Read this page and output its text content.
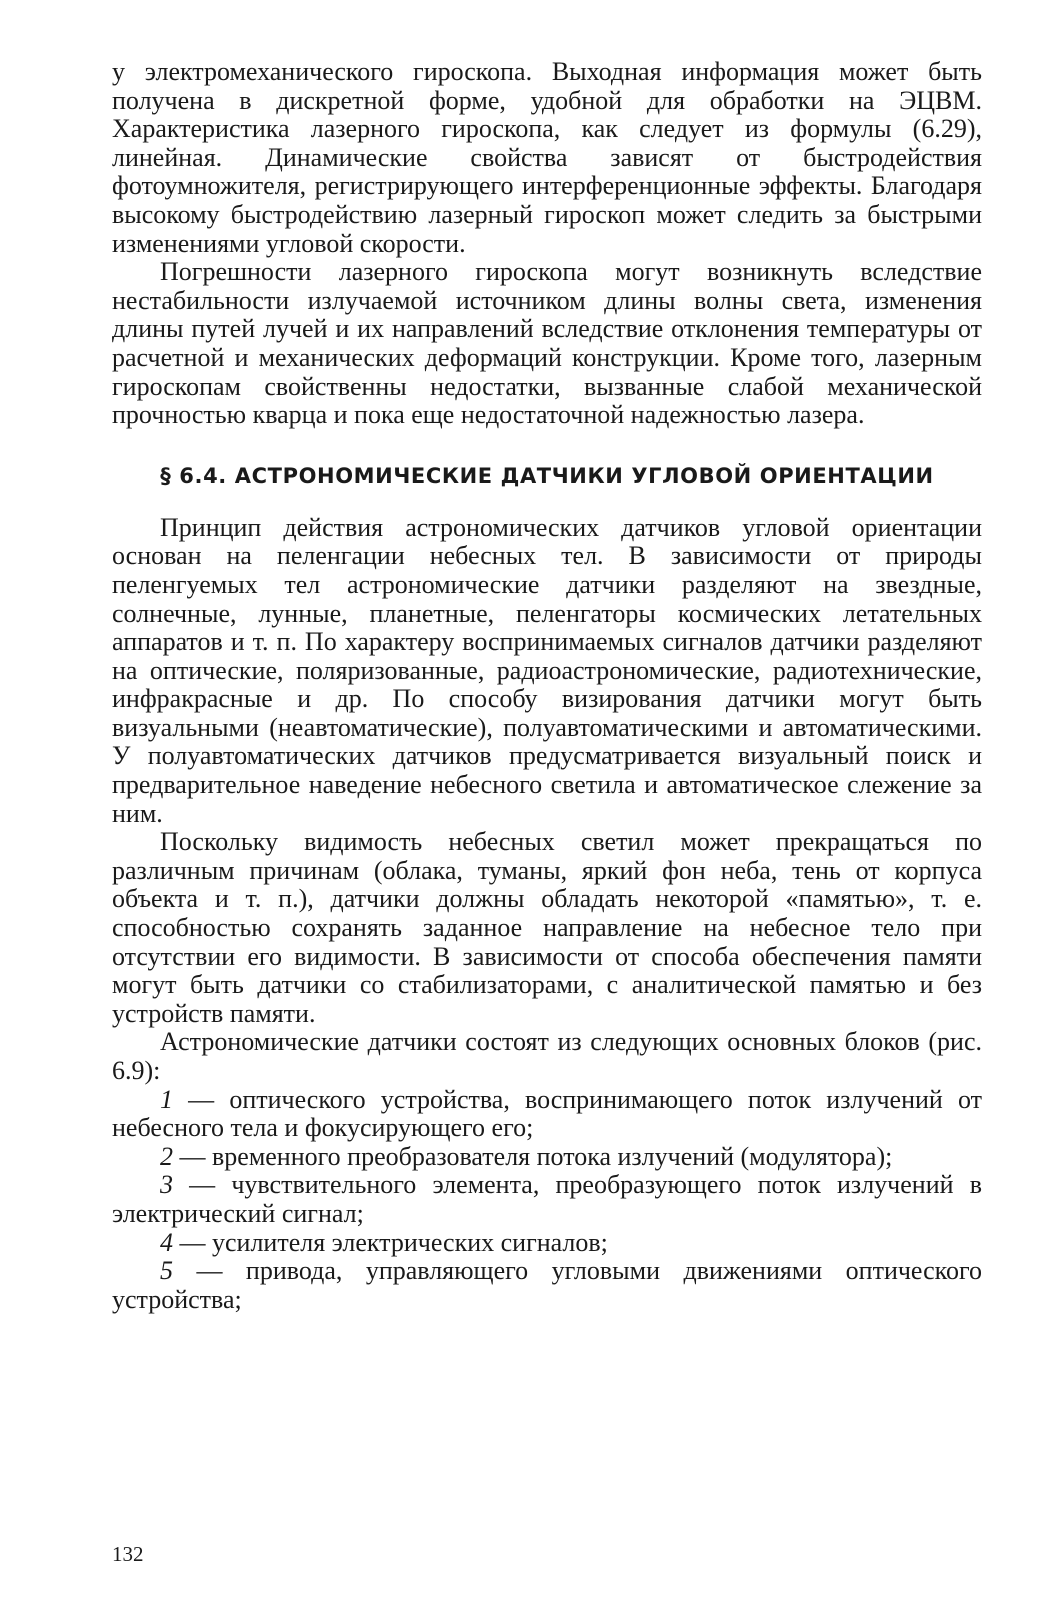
у электромеханического гироскопа. Выходная информация может быть получена в дискретной форме, удобной для обработки на ЭЦВМ. Характеристика лазерного гироскопа, как следует из формулы (6.29), линейная. Динамические свойства зависят от быстродействия фотоумножителя, регистрирующего интерференционные эффекты. Благодаря высокому быстродействию лазерный гироскоп может следить за быстрыми изменениями угловой скорости.

Погрешности лазерного гироскопа могут возникнуть вследствие нестабильности излучаемой источником длины волны света, изменения длины путей лучей и их направлений вследствие отклонения температуры от расчетной и механических деформаций конструкции. Кроме того, лазерным гироскопам свойственны недостатки, вызванные слабой механической прочностью кварца и пока еще недостаточной надежностью лазера.

§ 6.4. АСТРОНОМИЧЕСКИЕ ДАТЧИКИ УГЛОВОЙ ОРИЕНТАЦИИ

Принцип действия астрономических датчиков угловой ориентации основан на пеленгации небесных тел. В зависимости от природы пеленгуемых тел астрономические датчики разделяют на звездные, солнечные, лунные, планетные, пеленгаторы космических летательных аппаратов и т. п. По характеру воспринимаемых сигналов датчики разделяют на оптические, поляризованные, радиоастрономические, радиотехнические, инфракрасные и др. По способу визирования датчики могут быть визуальными (неавтоматические), полуавтоматическими и автоматическими. У полуавтоматических датчиков предусматривается визуальный поиск и предварительное наведение небесного светила и автоматическое слежение за ним.

Поскольку видимость небесных светил может прекращаться по различным причинам (облака, туманы, яркий фон неба, тень от корпуса объекта и т. п.), датчики должны обладать некоторой «памятью», т. е. способностью сохранять заданное направление на небесное тело при отсутствии его видимости. В зависимости от способа обеспечения памяти могут быть датчики со стабилизаторами, с аналитической памятью и без устройств памяти.

Астрономические датчики состоят из следующих основных блоков (рис. 6.9):

1 — оптического устройства, воспринимающего поток излучений от небесного тела и фокусирующего его;

2 — временного преобразователя потока излучений (модулятора);

3 — чувствительного элемента, преобразующего поток излучений в электрический сигнал;

4 — усилителя электрических сигналов;

5 — привода, управляющего угловыми движениями оптического устройства;

132
